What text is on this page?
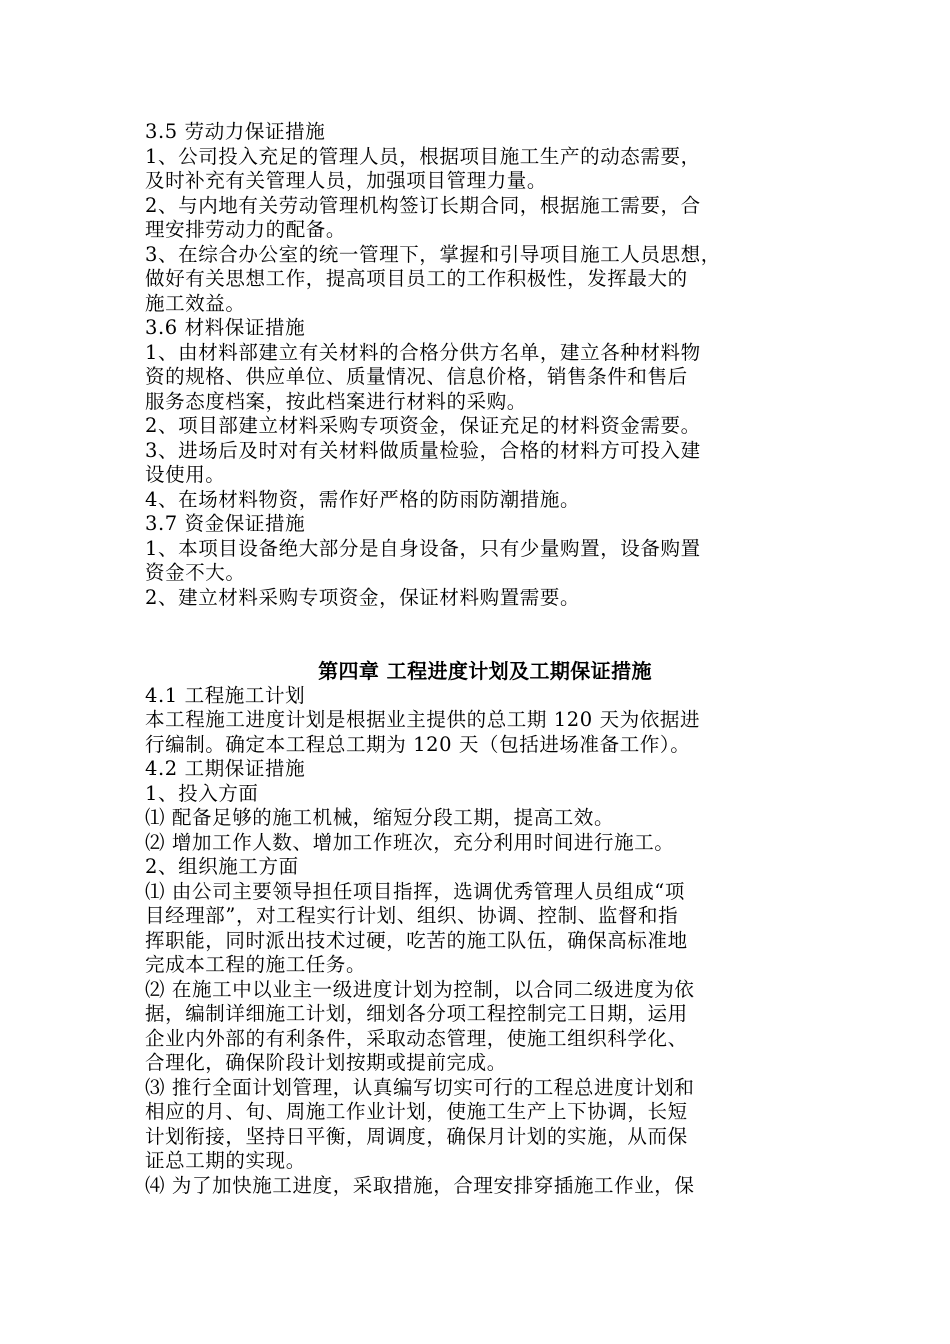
3.5 劳动力保证措施
1、公司投入充足的管理人员，根据项目施工生产的动态需要，
及时补充有关管理人员，加强项目管理力量。
2、与内地有关劳动管理机构签订长期合同，根据施工需要，合
理安排劳动力的配备。
3、在综合办公室的统一管理下，掌握和引导项目施工人员思想，
做好有关思想工作，提高项目员工的工作积极性，发挥最大的
施工效益。
3.6 材料保证措施
1、由材料部建立有关材料的合格分供方名单，建立各种材料物
资的规格、供应单位、质量情况、信息价格，销售条件和售后
服务态度档案，按此档案进行材料的采购。
2、项目部建立材料采购专项资金，保证充足的材料资金需要。
3、进场后及时对有关材料做质量检验，合格的材料方可投入建
设使用。
4、在场材料物资，需作好严格的防雨防潮措施。
3.7 资金保证措施
1、本项目设备绝大部分是自身设备，只有少量购置，设备购置
资金不大。
2、建立材料采购专项资金，保证材料购置需要。
第四章 工程进度计划及工期保证措施
4.1 工程施工计划
本工程施工进度计划是根据业主提供的总工期 120 天为依据进
行编制。确定本工程总工期为 120 天（包括进场准备工作）。
4.2 工期保证措施
1、投入方面
⑴ 配备足够的施工机械，缩短分段工期，提高工效。
⑵ 增加工作人数、增加工作班次，充分利用时间进行施工。
2、组织施工方面
⑴ 由公司主要领导担任项目指挥，选调优秀管理人员组成“项
目经理部”，对工程实行计划、组织、协调、控制、监督和指
挥职能，同时派出技术过硬，吃苦的施工队伍，确保高标准地
完成本工程的施工任务。
⑵ 在施工中以业主一级进度计划为控制，以合同二级进度为依
据，编制详细施工计划，细划各分项工程控制完工日期，运用
企业内外部的有利条件，采取动态管理，使施工组织科学化、
合理化，确保阶段计划按期或提前完成。
⑶ 推行全面计划管理，认真编写切实可行的工程总进度计划和
相应的月、旬、周施工作业计划，使施工生产上下协调，长短
计划衔接，坚持日平衡，周调度，确保月计划的实施，从而保
证总工期的实现。
⑷ 为了加快施工进度，采取措施，合理安排穿插施工作业，保
